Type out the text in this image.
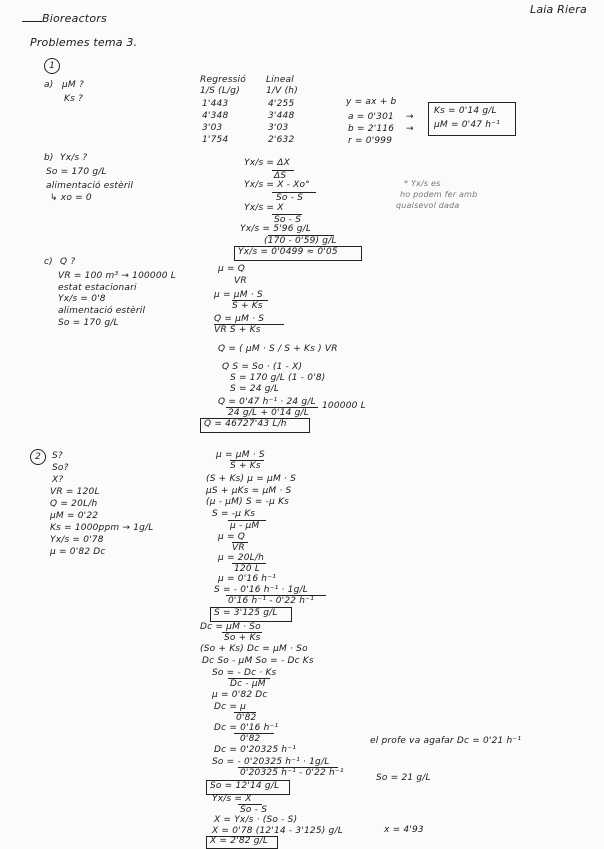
Bioreactors
Laia Riera
Problemes tema 3.
1
a) μM ?
Ks ?
Regressió Lineal
1/S (L/g)	1/V (h)
1'443	4'255
4'348	3'448
3'03	3'03
1'754	2'632
y = ax + b
a = 0'301
b = 2'116
r = 0'999
→
→
Ks = 0'14 g/L
μM = 0'47 h⁻¹
b) Yx/s ?
So = 170 g/L
alimentació estèril
↳ xo = 0
Yx/s = ΔX
ΔS
Yx/s = X - Xo°
So - S
Yx/s = X
So - S
Yx/s = 5'96 g/L
(170 - 0'59) g/L
Yx/s = 0'0499 ≈ 0'05
* Yx/s es
ho podem fer amb
qualsevol dada
c) Q ?
VR = 100 m³ → 100000 L
estat estacionari
Yx/s = 0'8
alimentació estèril
So = 170 g/L
μ = Q
VR
μ = μM · S
S + Ks
Q = μM · S
VR S + Ks
Q = ( μM · S / S + Ks ) VR
Q S = So · (1 - X)
S = 170 g/L (1 - 0'8)
S = 24 g/L
Q = 0'47 h⁻¹ · 24 g/L
24 g/L + 0'14 g/L
100000 L
Q = 46727'43 L/h
2	S?
So?
X?
VR = 120L
Q = 20L/h
μM = 0'22
Ks = 1000ppm → 1g/L
Yx/s = 0'78
μ = 0'82 Dc
μ = μM · S
S + Ks
(S + Ks) μ = μM · S
μS + μKs = μM · S
(μ - μM) S = -μ Ks
S = -μ Ks
μ - μM
μ = Q
VR
μ = 20L/h
120 L
μ = 0'16 h⁻¹
S = - 0'16 h⁻¹ · 1g/L
0'16 h⁻¹ - 0'22 h⁻¹
S = 3'125 g/L
Dc = μM · So
So + Ks
(So + Ks) Dc = μM · So
Dc So - μM So = - Dc Ks
So = - Dc · Ks
Dc - μM
μ = 0'82 Dc
Dc = μ
0'82
Dc = 0'16 h⁻¹
0'82
Dc = 0'20325 h⁻¹
So = - 0'20325 h⁻¹ · 1g/L
0'20325 h⁻¹ - 0'22 h⁻¹
So = 12'14 g/L
el profe va agafar Dc = 0'21 h⁻¹
So = 21 g/L
Yx/s = X
So - S
X = Yx/s · (So - S)
X = 0'78 (12'14 - 3'125) g/L
X = 2'82 g/L
x = 4'93
